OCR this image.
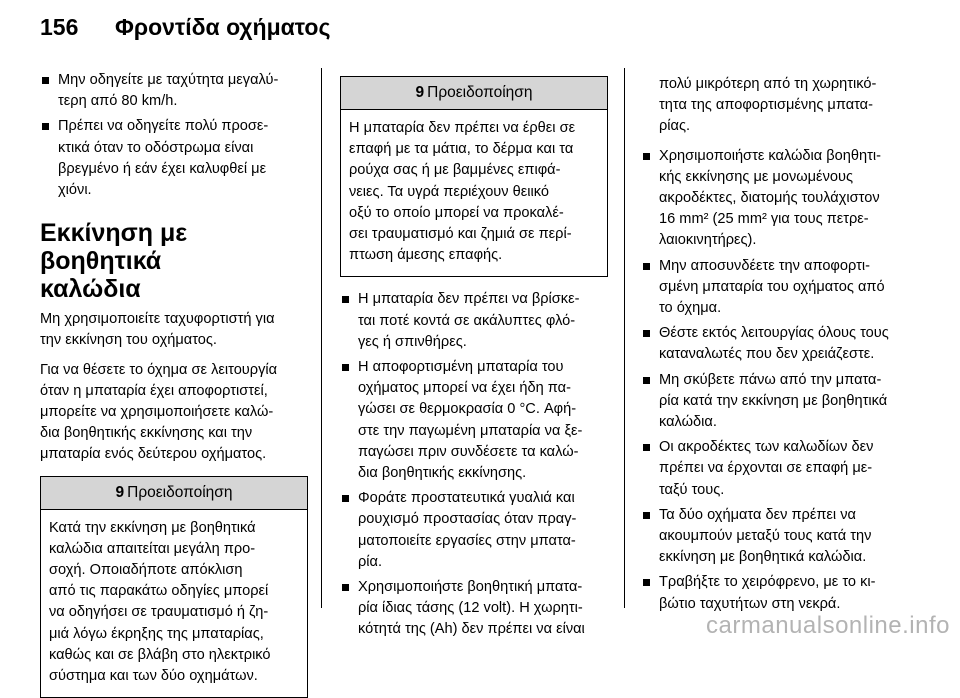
156 Φροντίδα οχήματος
Μην οδηγείτε με ταχύτητα μεγαλύ-
τερη από 80 km/h.
Πρέπει να οδηγείτε πολύ προσε-
κτικά όταν το οδόστρωμα είναι
βρεγμένο ή εάν έχει καλυφθεί με
χιόνι.
Εκκίνηση με βοηθητικά
καλώδια

Μη χρησιμοποιείτε ταχυφορτιστή για
την εκκίνηση του οχήματος.

Για να θέσετε το όχημα σε λειτουργία
όταν η μπαταρία έχει αποφορτιστεί,
μπορείτε να χρησιμοποιήσετε καλώ-
δια βοηθητικής εκκίνησης και την
μπαταρία ενός δεύτερου οχήματος.

9 Προειδοποίηση
Κατά την εκκίνηση με βοηθητικά
καλώδια απαιτείται μεγάλη προ-
σοχή. Οποιαδήποτε απόκλιση
από τις παρακάτω οδηγίες μπορεί
να οδηγήσει σε τραυματισμό ή ζη-
μιά λόγω έκρηξης της μπαταρίας,
καθώς και σε βλάβη στο ηλεκτρικό
σύστημα και των δύο οχημάτων.
9 Προειδοποίηση
Η μπαταρία δεν πρέπει να έρθει σε
επαφή με τα μάτια, το δέρμα και τα
ρούχα σας ή με βαμμένες επιφά-
νειες. Τα υγρά περιέχουν θειικό
οξύ το οποίο μπορεί να προκαλέ-
σει τραυματισμό και ζημιά σε περί-
πτωση άμεσης επαφής.
Η μπαταρία δεν πρέπει να βρίσκε-
ται ποτέ κοντά σε ακάλυπτες φλό-
γες ή σπινθήρες.
Η αποφορτισμένη μπαταρία του
οχήματος μπορεί να έχει ήδη πα-
γώσει σε θερμοκρασία 0 °C. Αφή-
στε την παγωμένη μπαταρία να ξε-
παγώσει πριν συνδέσετε τα καλώ-
δια βοηθητικής εκκίνησης.
Φοράτε προστατευτικά γυαλιά και
ρουχισμό προστασίας όταν πραγ-
ματοποιείτε εργασίες στην μπατα-
ρία.
Χρησιμοποιήστε βοηθητική μπατα-
ρία ίδιας τάσης (12 volt). Η χωρητι-
κότητά της (Ah) δεν πρέπει να είναι

πολύ μικρότερη από τη χωρητικό-
τητα της αποφορτισμένης μπατα-
ρίας.

Χρησιμοποιήστε καλώδια βοηθητι-
κής εκκίνησης με μονωμένους
ακροδέκτες, διατομής τουλάχιστον
16 mm² (25 mm² για τους πετρε-
λαιοκινητήρες).
Μην αποσυνδέετε την αποφορτι-
σμένη μπαταρία του οχήματος από
το όχημα.
Θέστε εκτός λειτουργίας όλους τους
καταναλωτές που δεν χρειάζεστε.
Μη σκύβετε πάνω από την μπατα-
ρία κατά την εκκίνηση με βοηθητικά
καλώδια.
Οι ακροδέκτες των καλωδίων δεν
πρέπει να έρχονται σε επαφή με-
ταξύ τους.
Τα δύο οχήματα δεν πρέπει να
ακουμπούν μεταξύ τους κατά την
εκκίνηση με βοηθητικά καλώδια.
Τραβήξτε το χειρόφρενο, με το κι-
βώτιο ταχυτήτων στη νεκρά.
carmanualsonline.info
